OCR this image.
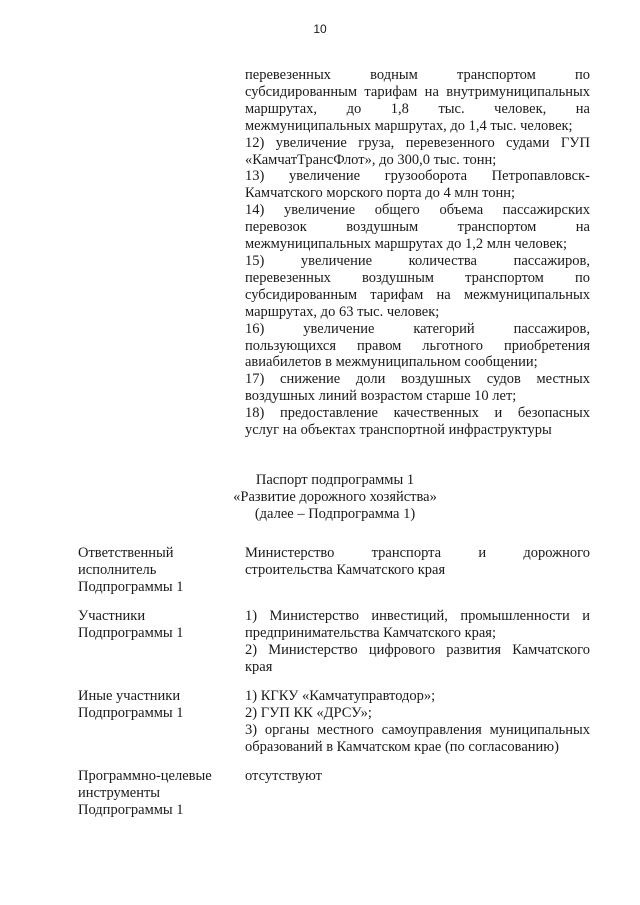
10
перевезенных водным транспортом по
субсидированным тарифам на внутримуниципальных
маршрутах, до 1,8 тыс. человек, на
межмуниципальных маршрутах, до 1,4 тыс. человек;
12) увеличение груза, перевезенного судами ГУП
«КамчатТрансФлот», до 300,0 тыс. тонн;
13) увеличение грузооборота Петропавловск-
Камчатского морского порта до 4 млн тонн;
14) увеличение общего объема пассажирских
перевозок воздушным транспортом на
межмуниципальных маршрутах до 1,2 млн человек;
15) увеличение количества пассажиров,
перевезенных воздушным транспортом по
субсидированным тарифам на межмуниципальных
маршрутах, до 63 тыс. человек;
16) увеличение категорий пассажиров,
пользующихся правом льготного приобретения
авиабилетов в межмуниципальном сообщении;
17) снижение доли воздушных судов местных
воздушных линий возрастом старше 10 лет;
18) предоставление качественных и безопасных
услуг на объектах транспортной инфраструктуры
Паспорт подпрограммы 1
«Развитие дорожного хозяйства»
(далее – Подпрограмма 1)
Ответственный
исполнитель
Подпрограммы 1
Министерство транспорта и дорожного
строительства Камчатского края
Участники
Подпрограммы 1
1) Министерство инвестиций, промышленности и
предпринимательства Камчатского края;
2) Министерство цифрового развития Камчатского
края
Иные участники
Подпрограммы 1
1) КГКУ «Камчатуправтодор»;
2) ГУП КК «ДРСУ»;
3) органы местного самоуправления муниципальных
образований в Камчатском крае (по согласованию)
Программно-целевые
инструменты
Подпрограммы 1
отсутствуют
